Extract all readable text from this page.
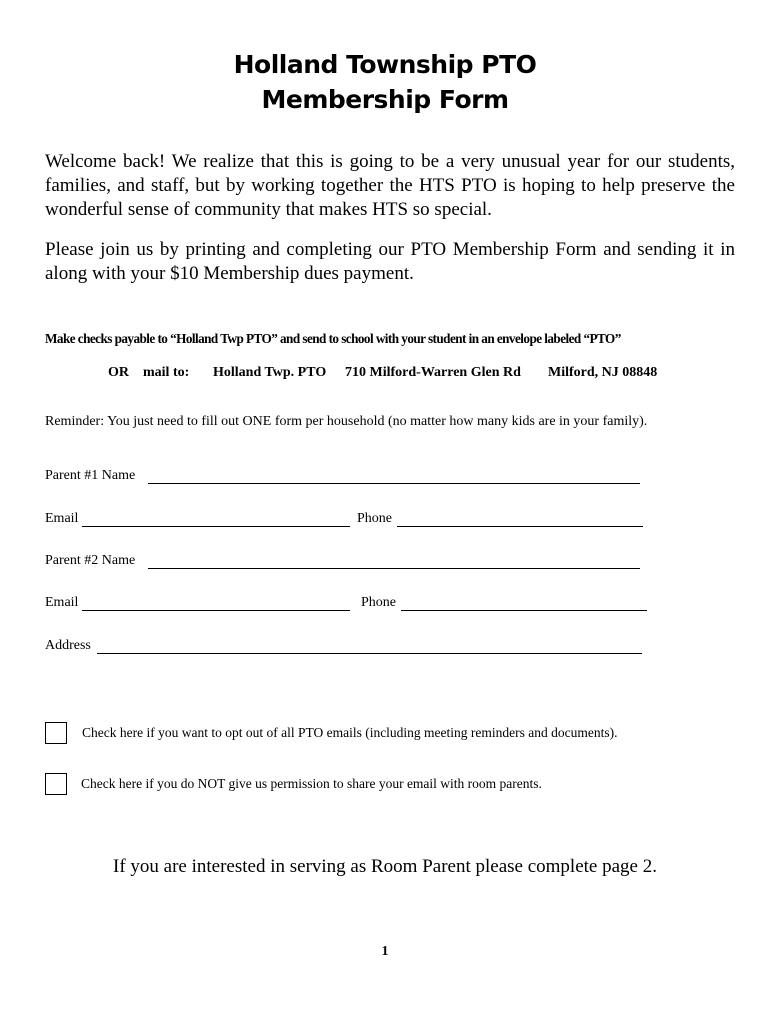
Holland Township PTO
Membership Form
Welcome back! We realize that this is going to be a very unusual year for our students, families, and staff, but by working together the HTS PTO is hoping to help preserve the wonderful sense of community that makes HTS so special.
Please join us by printing and completing our PTO Membership Form and sending it in along with your $10 Membership dues payment.
Make checks payable to “Holland Twp PTO” and send to school with your student in an envelope labeled “PTO”
OR    mail to: Holland Twp. PTO 710 Milford-Warren Glen Rd Milford, NJ 08848
Reminder: You just need to fill out ONE form per household (no matter how many kids are in your family).
Parent #1 Name
Email	Phone
Parent #2 Name
Email	Phone
Address
Check here if you want to opt out of all PTO emails (including meeting reminders and documents).
Check here if you do NOT give us permission to share your email with room parents.
If you are interested in serving as Room Parent please complete page 2.
1
